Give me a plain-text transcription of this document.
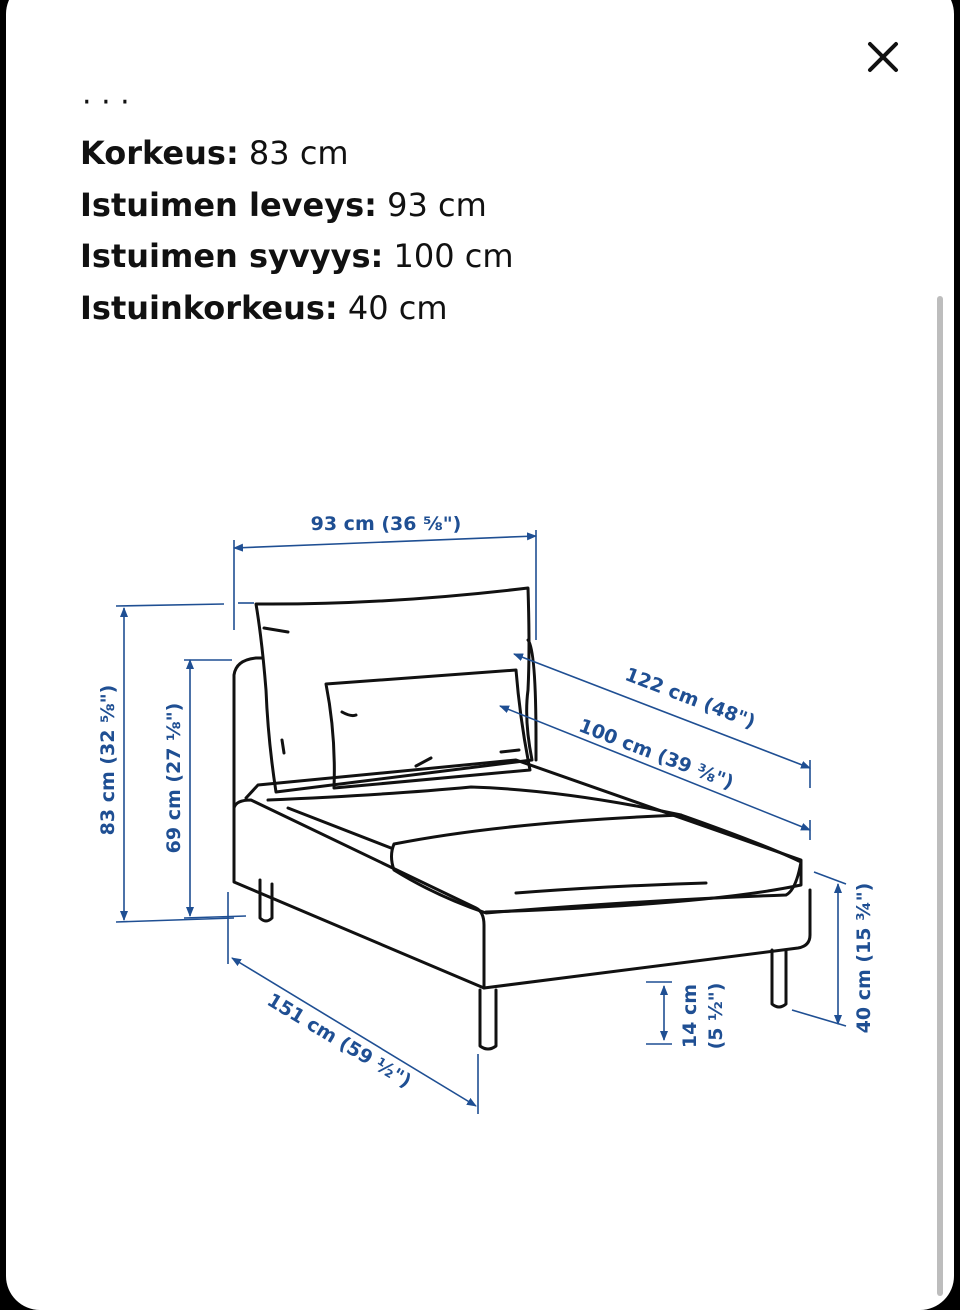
· · ·
Korkeus: 83 cm
Istuimen leveys: 93 cm
Istuimen syvyys: 100 cm
Istuinkorkeus: 40 cm
93 cm (36 ⅝")
83 cm (32 ⅝") 69 cm (27 ⅛")
122 cm (48")
100 cm (39 ⅜")
151 cm (59 ½")	14 cm (5 ½")	40 cm (15 ¾")
